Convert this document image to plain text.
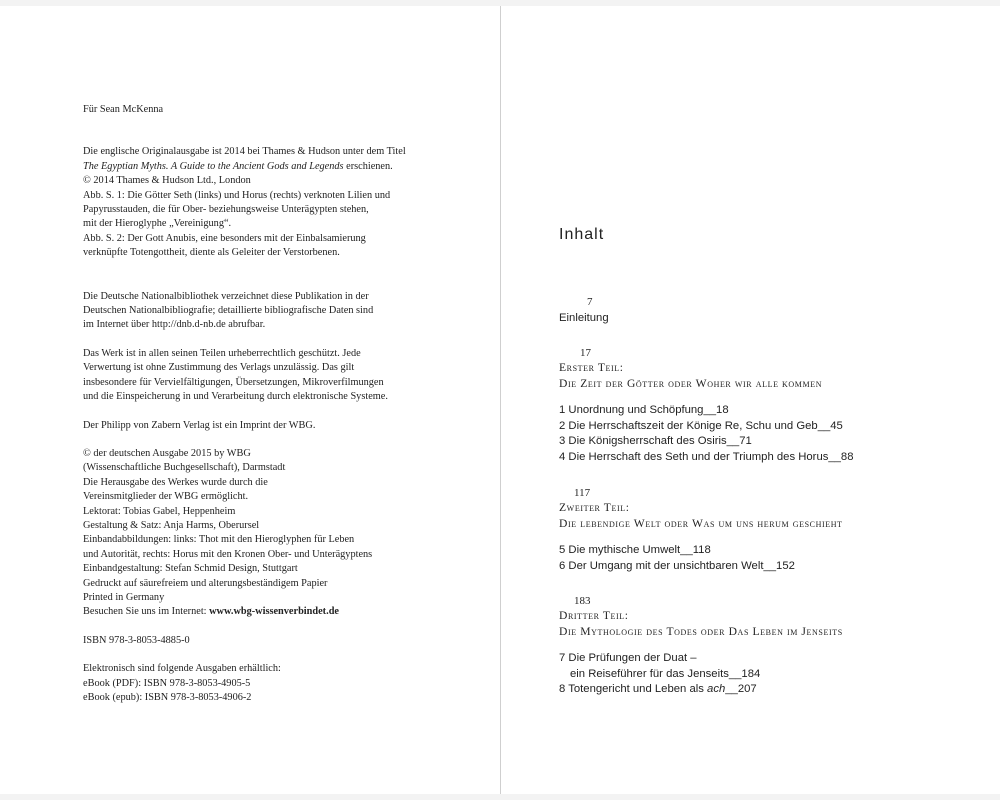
Für Sean McKenna

Die englische Originalausgabe ist 2014 bei Thames & Hudson unter dem Titel
The Egyptian Myths. A Guide to the Ancient Gods and Legends erschienen.
© 2014 Thames & Hudson Ltd., London
Abb. S. 1: Die Götter Seth (links) und Horus (rechts) verknoten Lilien und
Papyrusstauden, die für Ober- beziehungsweise Unterägypten stehen,
mit der Hieroglyphe „Vereinigung“.
Abb. S. 2: Der Gott Anubis, eine besonders mit der Einbalsamierung
verknüpfte Totengottheit, diente als Geleiter der Verstorbenen.

Die Deutsche Nationalbibliothek verzeichnet diese Publikation in der
Deutschen Nationalbibliografie; detaillierte bibliografische Daten sind
im Internet über http://dnb.d-nb.de abrufbar.

Das Werk ist in allen seinen Teilen urheberrechtlich geschützt. Jede
Verwertung ist ohne Zustimmung des Verlags unzulässig. Das gilt
insbesondere für Vervielfältigungen, Übersetzungen, Mikroverfilmungen
und die Einspeicherung in und Verarbeitung durch elektronische Systeme.

Der Philipp von Zabern Verlag ist ein Imprint der WBG.

© der deutschen Ausgabe 2015 by WBG
(Wissenschaftliche Buchgesellschaft), Darmstadt
Die Herausgabe des Werkes wurde durch die
Vereinsmitglieder der WBG ermöglicht.
Lektorat: Tobias Gabel, Heppenheim
Gestaltung & Satz: Anja Harms, Oberursel
Einbandabbildungen: links: Thot mit den Hieroglyphen für Leben
und Autorität, rechts: Horus mit den Kronen Ober- und Unterägyptens
Einbandgestaltung: Stefan Schmid Design, Stuttgart
Gedruckt auf säurefreiem und alterungsbeständigem Papier
Printed in Germany
Besuchen Sie uns im Internet: www.wbg-wissenverbindet.de

ISBN 978-3-8053-4885-0

Elektronisch sind folgende Ausgaben erhältlich:
eBook (PDF): ISBN 978-3-8053-4905-5
eBook (epub): ISBN 978-3-8053-4906-2

Inhalt
7
Einleitung
17
Erster Teil:
Die Zeit der Götter oder Woher wir alle kommen
1 Unordnung und Schöpfung__18
2 Die Herrschaftszeit der Könige Re, Schu und Geb__45
3 Die Königsherrschaft des Osiris__71
4 Die Herrschaft des Seth und der Triumph des Horus__88
117
Zweiter Teil:
Die lebendige Welt oder Was um uns herum geschieht
5 Die mythische Umwelt__118
6 Der Umgang mit der unsichtbaren Welt__152
183
Dritter Teil:
Die Mythologie des Todes oder Das Leben im Jenseits
7 Die Prüfungen der Duat –
ein Reiseführer für das Jenseits__184
8 Totengericht und Leben als ach__207
